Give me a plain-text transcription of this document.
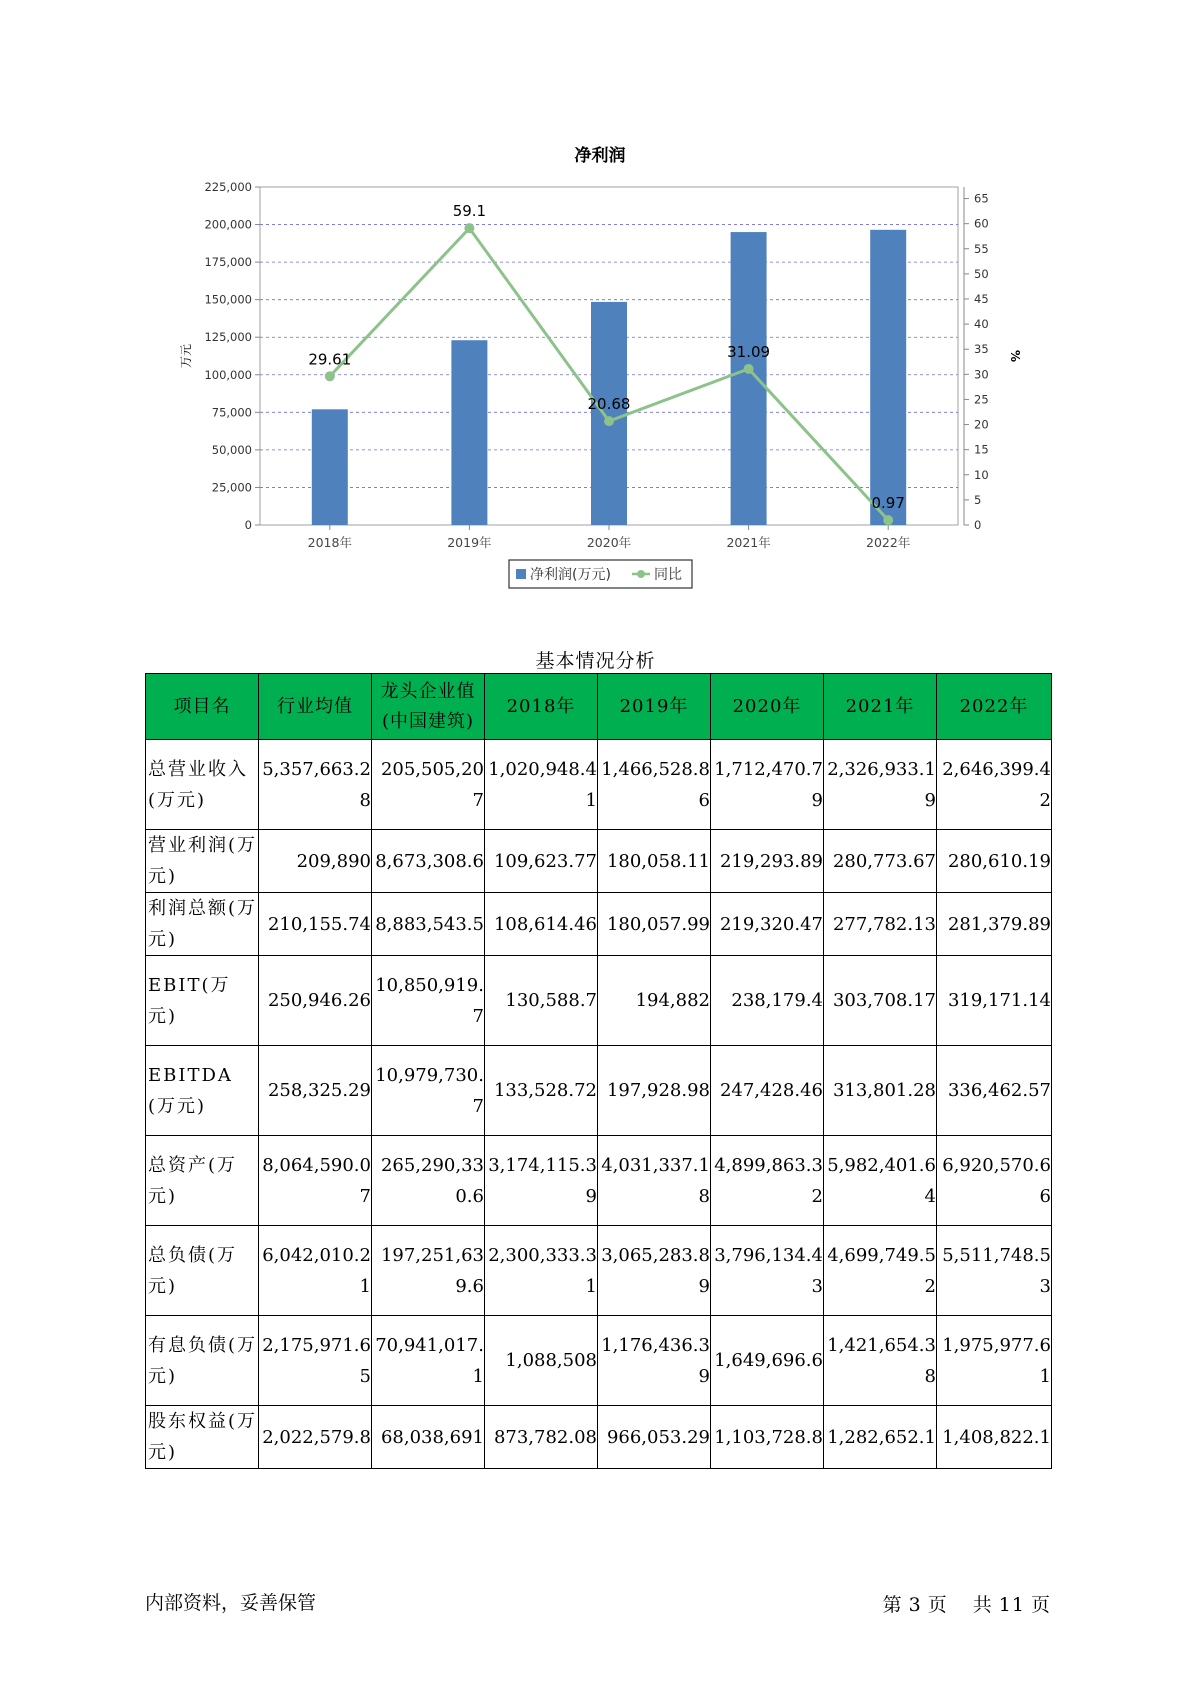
净利润
0
25,000
50,000
75,000
100,000
125,000
150,000
175,000
200,000
225,000
0
5
10
15
20
25
30
35
40
45
50
55
60
65
29.61
59.1
20.68
31.09
0.97
2018年	2019年	2020年	2021年	2022年
万元	%
净利润(万元)	同比
基本情况分析
项目名	行业均值	龙头企业值(中国建筑)	2018年	2019年	2020年	2021年	2022年
总营业收入(万元)	5,357,663.28	205,505,207	1,020,948.41	1,466,528.86	1,712,470.79	2,326,933.19	2,646,399.42
营业利润(万元)	209,890	8,673,308.6	109,623.77	180,058.11	219,293.89	280,773.67	280,610.19
利润总额(万元)	210,155.74	8,883,543.5	108,614.46	180,057.99	219,320.47	277,782.13	281,379.89
EBIT(万元)	250,946.26	10,850,919.7	130,588.7	194,882	238,179.4	303,708.17	319,171.14
EBITDA(万元)	258,325.29	10,979,730.7	133,528.72	197,928.98	247,428.46	313,801.28	336,462.57
总资产(万元)	8,064,590.07	265,290,330.6	3,174,115.39	4,031,337.18	4,899,863.32	5,982,401.64	6,920,570.66
总负债(万元)	6,042,010.21	197,251,639.6	2,300,333.31	3,065,283.89	3,796,134.43	4,699,749.52	5,511,748.53
有息负债(万元)	2,175,971.65	70,941,017.1	1,088,508	1,176,436.39	1,649,696.6	1,421,654.38	1,975,977.61
股东权益(万元)	2,022,579.8	68,038,691	873,782.08	966,053.29	1,103,728.8	1,282,652.1	1,408,822.1
内部资料，妥善保管	第 3 页 共 11 页
